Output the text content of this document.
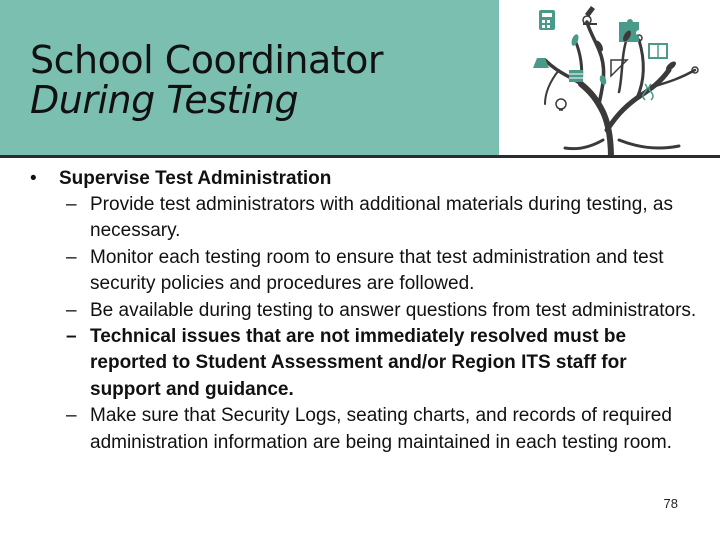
School Coordinator
During Testing
• Supervise Test Administration
– Provide test administrators with additional materials during testing, as necessary.
– Monitor each testing room to ensure that test administration and test security policies and procedures are followed.
– Be available during testing to answer questions from test administrators.
– Technical issues that are not immediately resolved must be reported to Student Assessment and/or Region ITS staff for support and guidance.
– Make sure that Security Logs, seating charts, and records of required administration information are being maintained in each testing room.
78
